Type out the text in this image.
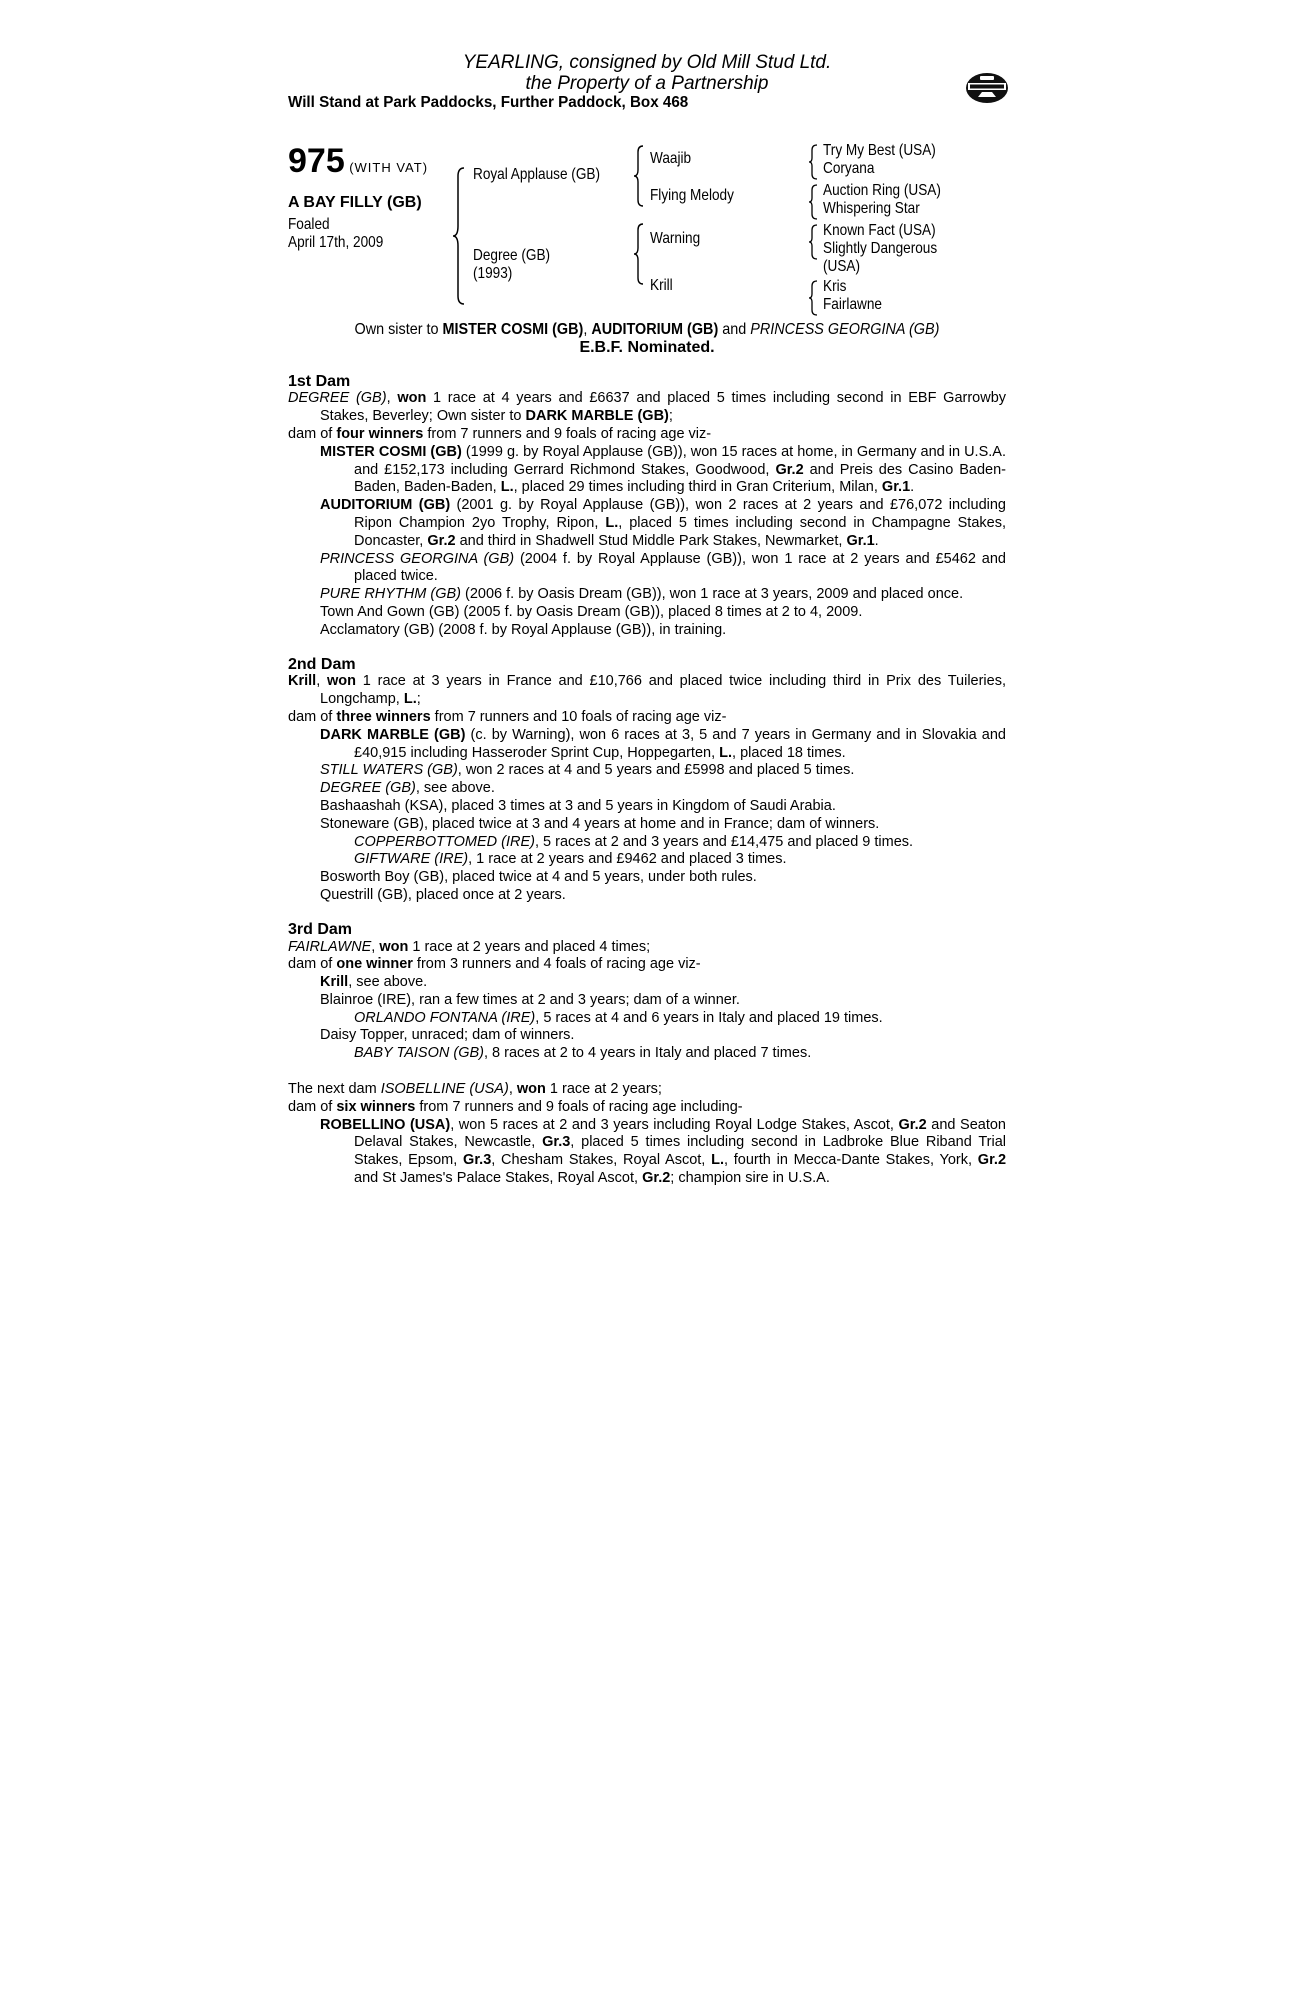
YEARLING, consigned by Old Mill Stud Ltd.
the Property of a Partnership
Will Stand at Park Paddocks, Further Paddock, Box 468
975 (WITH VAT)
A BAY FILLY (GB)
Foaled
April 17th, 2009
Royal Applause (GB)
Degree (GB)
(1993)
Waajib
Flying Melody
Warning
Krill
Try My Best (USA)
Coryana
Auction Ring (USA)
Whispering Star
Known Fact (USA)
Slightly Dangerous
(USA)
Kris
Fairlawne
Own sister to MISTER COSMI (GB), AUDITORIUM (GB) and PRINCESS GEORGINA (GB)
E.B.F. Nominated.
1st Dam
DEGREE (GB), won 1 race at 4 years and £6637 and placed 5 times including second in EBF Garrowby Stakes, Beverley; Own sister to DARK MARBLE (GB);
dam of four winners from 7 runners and 9 foals of racing age viz-
MISTER COSMI (GB) (1999 g. by Royal Applause (GB)), won 15 races at home, in Germany and in U.S.A. and £152,173 including Gerrard Richmond Stakes, Goodwood, Gr.2 and Preis des Casino Baden-Baden, Baden-Baden, L., placed 29 times including third in Gran Criterium, Milan, Gr.1.
AUDITORIUM (GB) (2001 g. by Royal Applause (GB)), won 2 races at 2 years and £76,072 including Ripon Champion 2yo Trophy, Ripon, L., placed 5 times including second in Champagne Stakes, Doncaster, Gr.2 and third in Shadwell Stud Middle Park Stakes, Newmarket, Gr.1.
PRINCESS GEORGINA (GB) (2004 f. by Royal Applause (GB)), won 1 race at 2 years and £5462 and placed twice.
PURE RHYTHM (GB) (2006 f. by Oasis Dream (GB)), won 1 race at 3 years, 2009 and placed once.
Town And Gown (GB) (2005 f. by Oasis Dream (GB)), placed 8 times at 2 to 4, 2009.
Acclamatory (GB) (2008 f. by Royal Applause (GB)), in training.
2nd Dam
Krill, won 1 race at 3 years in France and £10,766 and placed twice including third in Prix des Tuileries, Longchamp, L.;
dam of three winners from 7 runners and 10 foals of racing age viz-
DARK MARBLE (GB) (c. by Warning), won 6 races at 3, 5 and 7 years in Germany and in Slovakia and £40,915 including Hasseroder Sprint Cup, Hoppegarten, L., placed 18 times.
STILL WATERS (GB), won 2 races at 4 and 5 years and £5998 and placed 5 times.
DEGREE (GB), see above.
Bashaashah (KSA), placed 3 times at 3 and 5 years in Kingdom of Saudi Arabia.
Stoneware (GB), placed twice at 3 and 4 years at home and in France; dam of winners.
COPPERBOTTOMED (IRE), 5 races at 2 and 3 years and £14,475 and placed 9 times.
GIFTWARE (IRE), 1 race at 2 years and £9462 and placed 3 times.
Bosworth Boy (GB), placed twice at 4 and 5 years, under both rules.
Questrill (GB), placed once at 2 years.
3rd Dam
FAIRLAWNE, won 1 race at 2 years and placed 4 times;
dam of one winner from 3 runners and 4 foals of racing age viz-
Krill, see above.
Blainroe (IRE), ran a few times at 2 and 3 years; dam of a winner.
ORLANDO FONTANA (IRE), 5 races at 4 and 6 years in Italy and placed 19 times.
Daisy Topper, unraced; dam of winners.
BABY TAISON (GB), 8 races at 2 to 4 years in Italy and placed 7 times.
The next dam ISOBELLINE (USA), won 1 race at 2 years;
dam of six winners from 7 runners and 9 foals of racing age including-
ROBELLINO (USA), won 5 races at 2 and 3 years including Royal Lodge Stakes, Ascot, Gr.2 and Seaton Delaval Stakes, Newcastle, Gr.3, placed 5 times including second in Ladbroke Blue Riband Trial Stakes, Epsom, Gr.3, Chesham Stakes, Royal Ascot, L., fourth in Mecca-Dante Stakes, York, Gr.2 and St James's Palace Stakes, Royal Ascot, Gr.2; champion sire in U.S.A.
